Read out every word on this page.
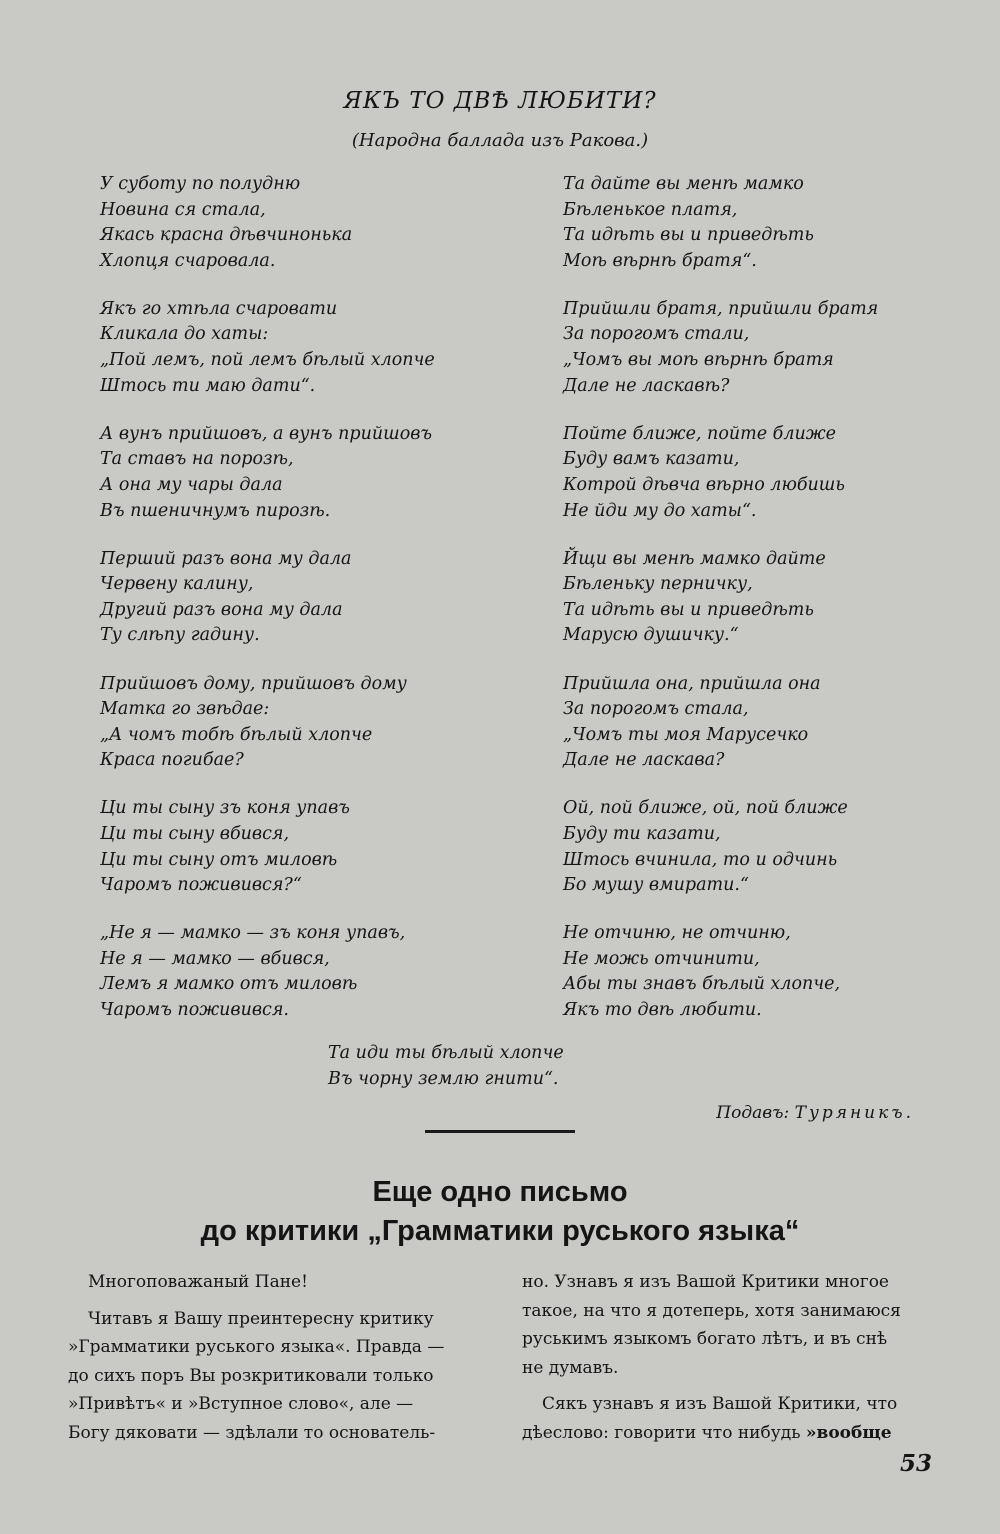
ЯКЪ ТО ДВѢ ЛЮБИТИ?
(Народна баллада изъ Ракова.)
У суботу по полудню
Новина ся стала,
Якась красна дѣвчинонька
Хлопця счаровала.
Якъ го хтѣла счаровати
Кликала до хаты:
„Пой лемъ, пой лемъ бѣлый хлопче
Штось ти маю дати“.
А вунъ прийшовъ, а вунъ прийшовъ
Та ставъ на порозѣ,
А она му чары дала
Въ пшеничнумъ пирозѣ.
Перший разъ вона му дала
Червену калину,
Другий разъ вона му дала
Ту слѣпу гадину.
Прийшовъ дому, прийшовъ дому
Матка го звѣдае:
„А чомъ тобѣ бѣлый хлопче
Краса погибае?
Ци ты сыну зъ коня упавъ
Ци ты сыну вбився,
Ци ты сыну отъ миловѣ
Чаромъ поживився?“
„Не я — мамко — зъ коня упавъ,
Не я — мамко — вбився,
Лемъ я мамко отъ миловѣ
Чаромъ поживився.
Та дайте вы менѣ мамко
Бѣленькое платя,
Та идѣть вы и приведѣть
Моѣ вѣрнѣ братя“.
Прийшли братя, прийшли братя
За порогомъ стали,
„Чомъ вы моѣ вѣрнѣ братя
Дале не ласкавѣ?
Пойте ближе, пойте ближе
Буду вамъ казати,
Котрой дѣвча вѣрно любишь
Не йди му до хаты“.
Йщи вы менѣ мамко дайте
Бѣленьку перничку,
Та идѣть вы и приведѣть
Марусю душичку.“
Прийшла она, прийшла она
За порогомъ стала,
„Чомъ ты моя Марусечко
Дале не ласкава?
Ой, пой ближе, ой, пой ближе
Буду ти казати,
Штось вчинила, то и одчинь
Бо мушу вмирати.“
Не отчиню, не отчиню,
Не можь отчинити,
Абы ты знавъ бѣлый хлопче,
Якъ то двѣ любити.
Та иди ты бѣлый хлопче
Въ чорну землю гнити“.
Подавъ: Туряникъ.
Еще одно письмо
до критики „Грамматики руського языка“
Многоповажаный Пане!
Читавъ я Вашу преинтересну критику
»Грамматики руського языка«. Правда —
до сихъ поръ Вы розкритиковали только
»Привѣтъ« и »Вступное слово«, але —
Богу дяковати — здѣлали то основатель-
но. Узнавъ я изъ Вашой Критики многое
такое, на что я дотеперь, хотя занимаюся
руськимъ языкомъ богато лѣтъ, и въ снѣ
не думавъ.
Сякъ узнавъ я изъ Вашой Критики, что
дѣеслово: говорити что нибудь »вообще
53
